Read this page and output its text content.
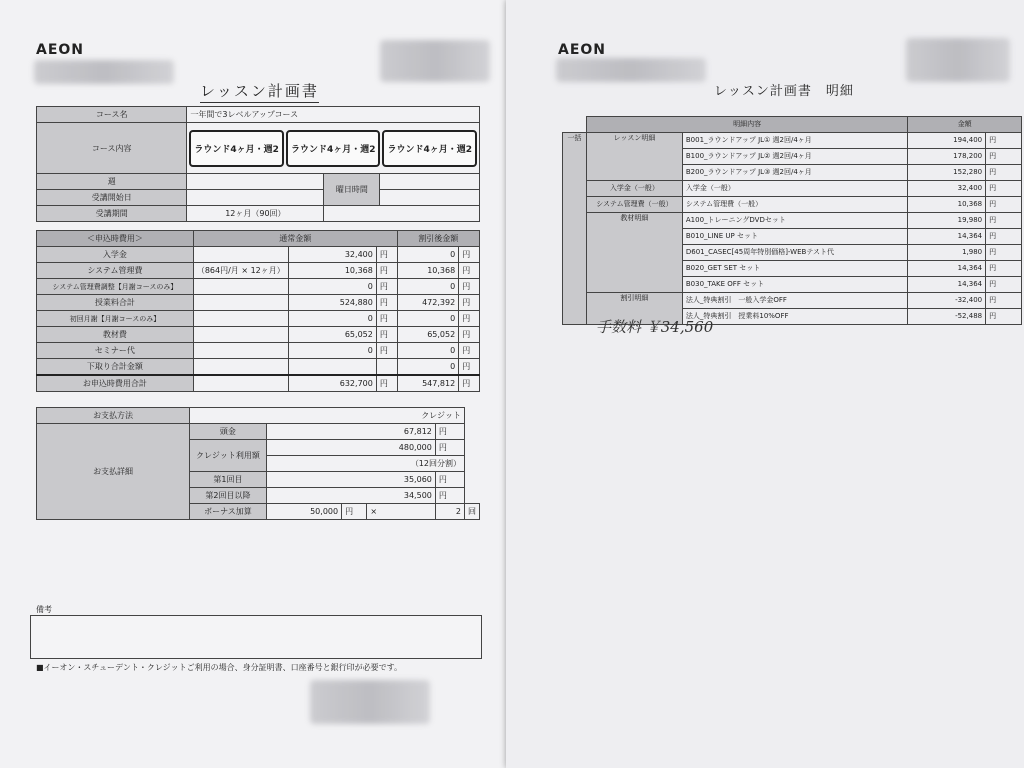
AEON
レッスン計画書
コース名	一年間で3レベルアップコース		
コース内容	ラウンド4ヶ月・週2 ラウンド4ヶ月・週2 ラウンド4ヶ月・週2		
週		曜日時間	
受講開始日			
受講期間	12ヶ月（90回）		
＜申込時費用＞	通常金額			割引後金額	
入学金		32,400	円	0	円
システム管理費	（864円/月 × 12ヶ月）	10,368	円	10,368	円
システム管理費調整【月謝コースのみ】		0	円	0	円
授業料合計		524,880	円	472,392	円
初回月謝【月謝コースのみ】		0	円	0	円
教材費		65,052	円	65,052	円
セミナー代		0	円	0	円
下取り合計金額				0	円
お申込時費用合計		632,700	円	547,812	円
お支払方法	クレジット					
お支払詳細	頭金	67,812			円	
	クレジット利用額	480,000			円	
		（12回分割）				
	第1回目	35,060			円	
	第2回目以降	34,500			円	
	ボーナス加算	50,000	円	×	2	回
備考
■イーオン・スチューデント・クレジットご利用の場合、身分証明書、口座番号と銀行印が必要です。
AEON
レッスン計画書　明細
	明細内容		金額	
一括	レッスン明細	B001_ラウンドアップ JL① 週2回/4ヶ月	194,400	円
		B100_ラウンドアップ JL② 週2回/4ヶ月	178,200	円
		B200_ラウンドアップ JL③ 週2回/4ヶ月	152,280	円
	入学金（一般）	入学金（一般）	32,400	円
	システム管理費（一般）	システム管理費（一般）	10,368	円
	教材明細	A100_トレーニングDVDセット	19,980	円
		B010_LINE UP セット	14,364	円
		D601_CASEC[45周年特別価格]-WEBテスト代	1,980	円
		B020_GET SET セット	14,364	円
		B030_TAKE OFF セット	14,364	円
	割引明細	法人_特典割引　一般入学金OFF	-32,400	円
		法人_特典割引　授業料10%OFF	-52,488	円
手数料 ￥34,560
